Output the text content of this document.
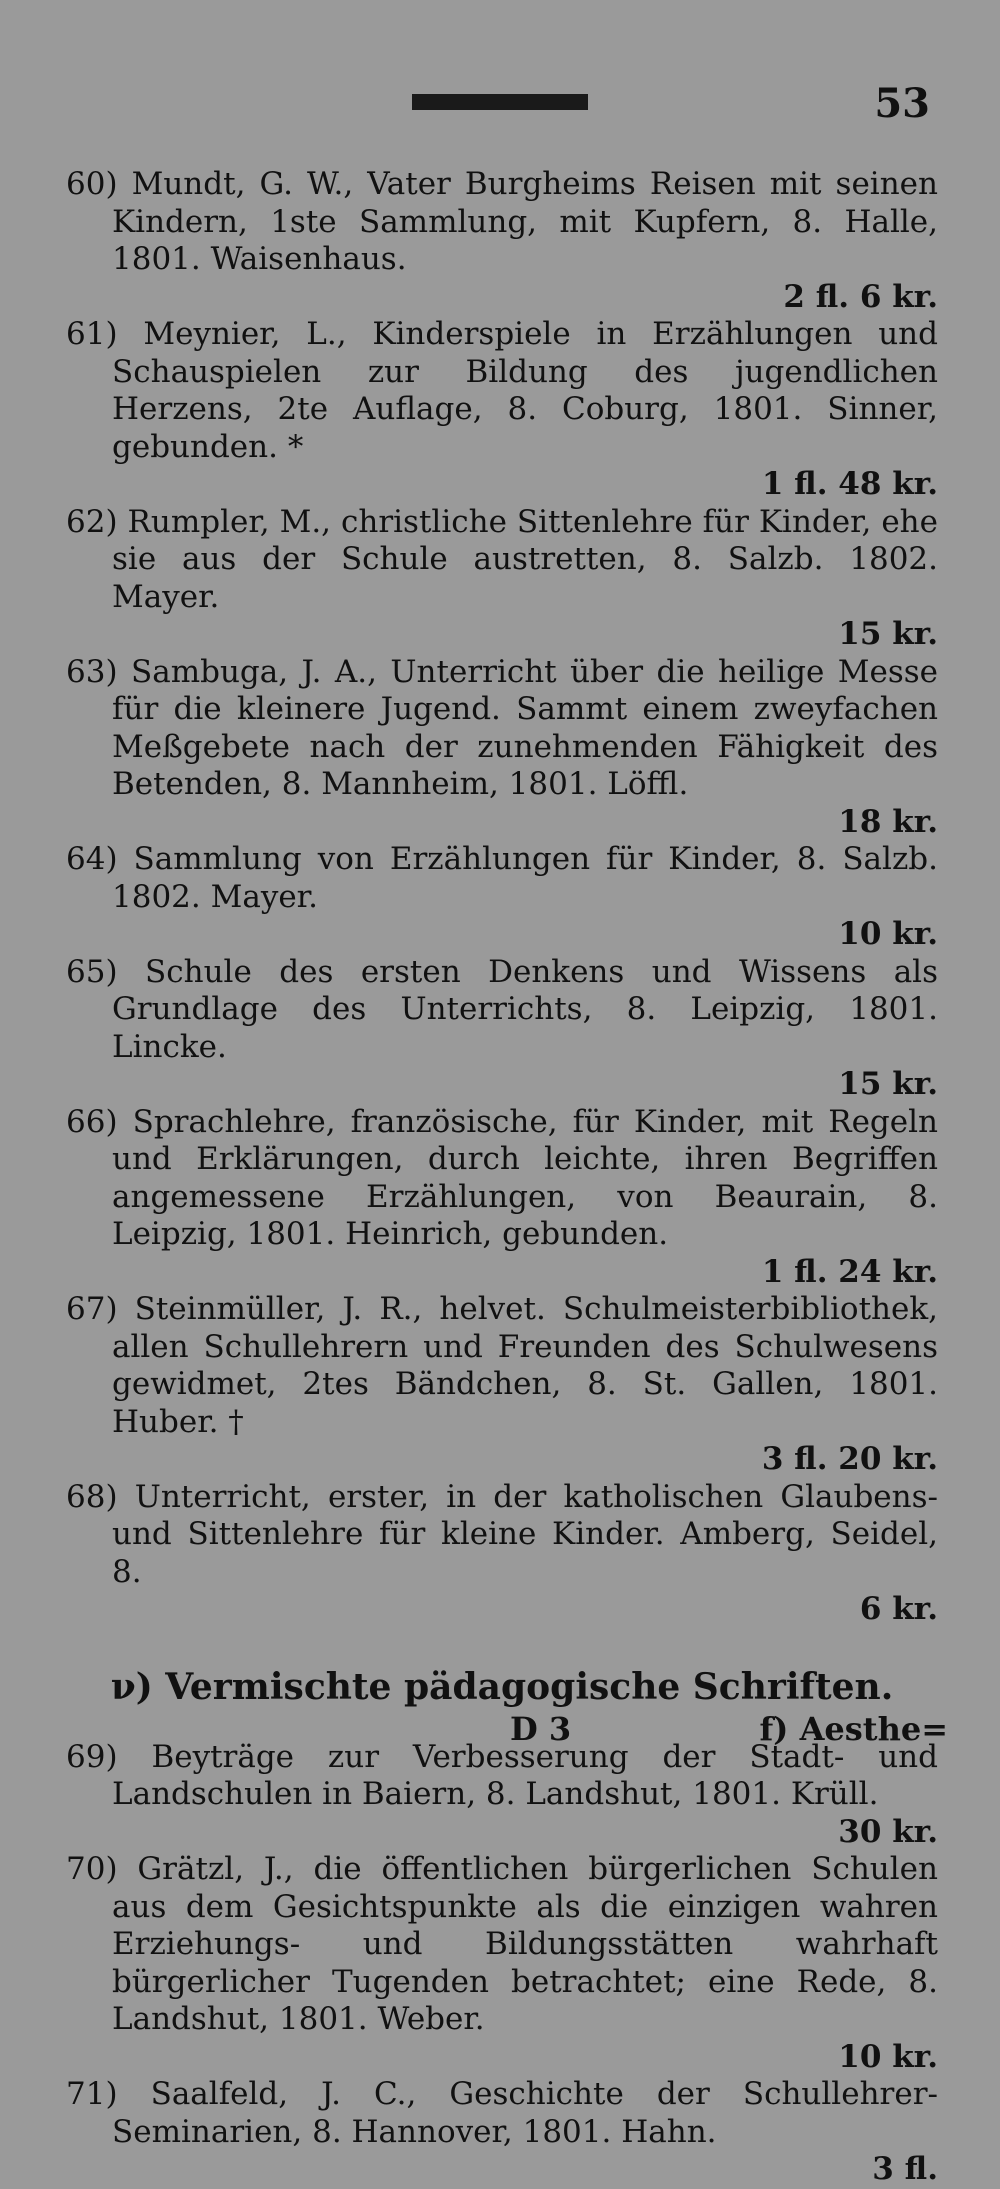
53
60) Mundt, G. W., Vater Burgheims Reisen mit seinen Kindern, 1ste Sammlung, mit Kupfern, 8. Halle, 1801. Waisenhaus.
2 fl. 6 kr.
61) Meynier, L., Kinderspiele in Erzählungen und Schauspielen zur Bildung des jugendlichen Herzens, 2te Auflage, 8. Coburg, 1801. Sinner, gebunden. *
1 fl. 48 kr.
62) Rumpler, M., christliche Sittenlehre für Kinder, ehe sie aus der Schule austretten, 8. Salzb. 1802. Mayer.
15 kr.
63) Sambuga, J. A., Unterricht über die heilige Messe für die kleinere Jugend. Sammt einem zweyfachen Meßgebete nach der zunehmenden Fähigkeit des Betenden, 8. Mannheim, 1801. Löffl.
18 kr.
64) Sammlung von Erzählungen für Kinder, 8. Salzb. 1802. Mayer.
10 kr.
65) Schule des ersten Denkens und Wissens als Grundlage des Unterrichts, 8. Leipzig, 1801. Lincke.
15 kr.
66) Sprachlehre, französische, für Kinder, mit Regeln und Erklärungen, durch leichte, ihren Begriffen angemessene Erzählungen, von Beaurain, 8. Leipzig, 1801. Heinrich, gebunden.
1 fl. 24 kr.
67) Steinmüller, J. R., helvet. Schulmeisterbibliothek, allen Schullehrern und Freunden des Schulwesens gewidmet, 2tes Bändchen, 8. St. Gallen, 1801. Huber. †
3 fl. 20 kr.
68) Unterricht, erster, in der katholischen Glaubens- und Sittenlehre für kleine Kinder. Amberg, Seidel, 8.
6 kr.
ν) Vermischte pädagogische Schriften.
69) Beyträge zur Verbesserung der Stadt- und Landschulen in Baiern, 8. Landshut, 1801. Krüll.
30 kr.
70) Grätzl, J., die öffentlichen bürgerlichen Schulen aus dem Gesichtspunkte als die einzigen wahren Erziehungs- und Bildungsstätten wahrhaft bürgerlicher Tugenden betrachtet; eine Rede, 8. Landshut, 1801. Weber.
10 kr.
71) Saalfeld, J. C., Geschichte der Schullehrer-Seminarien, 8. Hannover, 1801. Hahn.
3 fl.
D 3	f) Aesthe=
